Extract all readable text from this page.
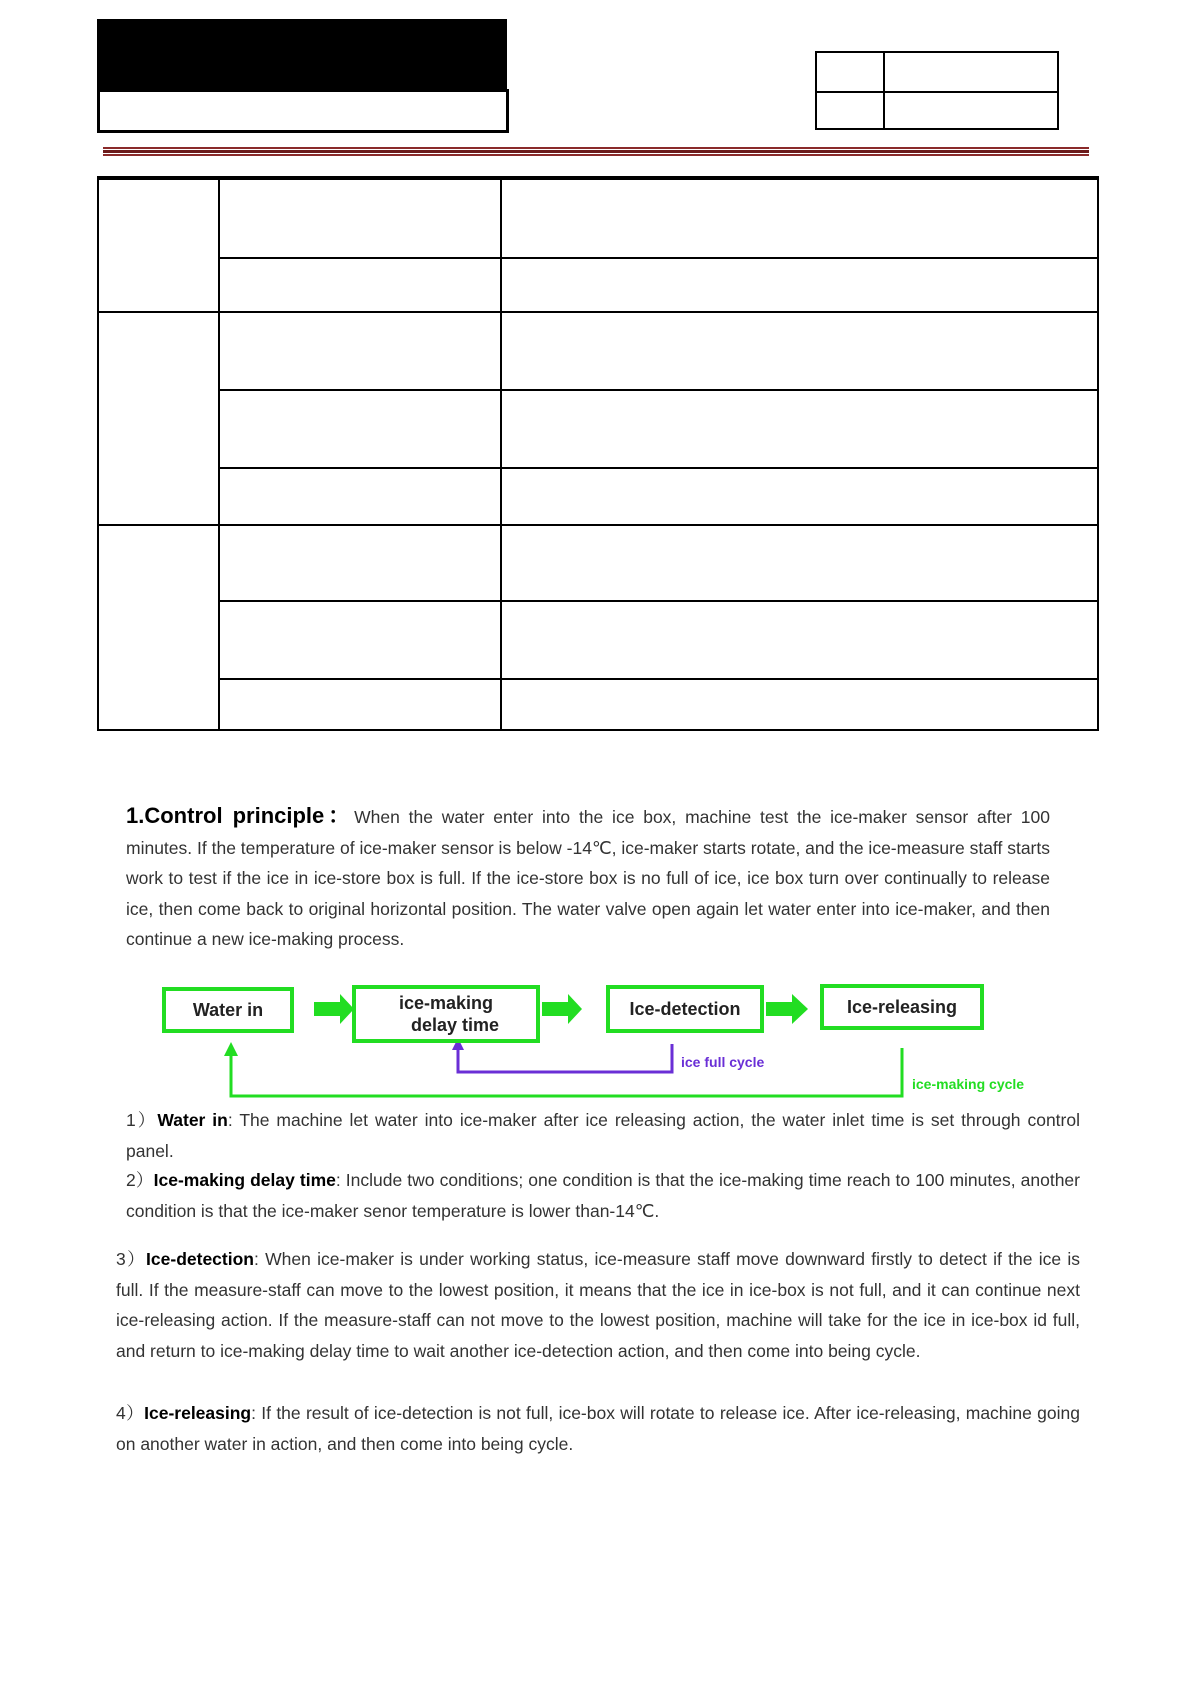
1.Control principle：When the water enter into the ice box, machine test the ice-maker sensor after 100 minutes. If the temperature of ice-maker sensor is below -14℃, ice-maker starts rotate, and the ice-measure staff starts work to test if the ice in ice-store box is full. If the ice-store box is no full of ice, ice box turn over continually to release ice, then come back to original horizontal position. The water valve open again let water enter into ice-maker, and then continue a new ice-making process.
Water in	ice-making
delay time
Ice-detection	Ice-releasing
ice full cycle
ice-making cycle
1）Water in: The machine let water into ice-maker after ice releasing action, the water inlet time is set through control panel.
2）Ice-making delay time: Include two conditions; one condition is that the ice-making time reach to 100 minutes, another condition is that the ice-maker senor temperature is lower than-14℃.
3）Ice-detection: When ice-maker is under working status, ice-measure staff move downward firstly to detect if the ice is full. If the measure-staff can move to the lowest position, it means that the ice in ice-box is not full, and it can continue next ice-releasing action. If the measure-staff can not move to the lowest position, machine will take for the ice in ice-box id full, and return to ice-making delay time to wait another ice-detection action, and then come into being cycle.
4）Ice-releasing: If the result of ice-detection is not full, ice-box will rotate to release ice. After ice-releasing, machine going on another water in action, and then come into being cycle.
